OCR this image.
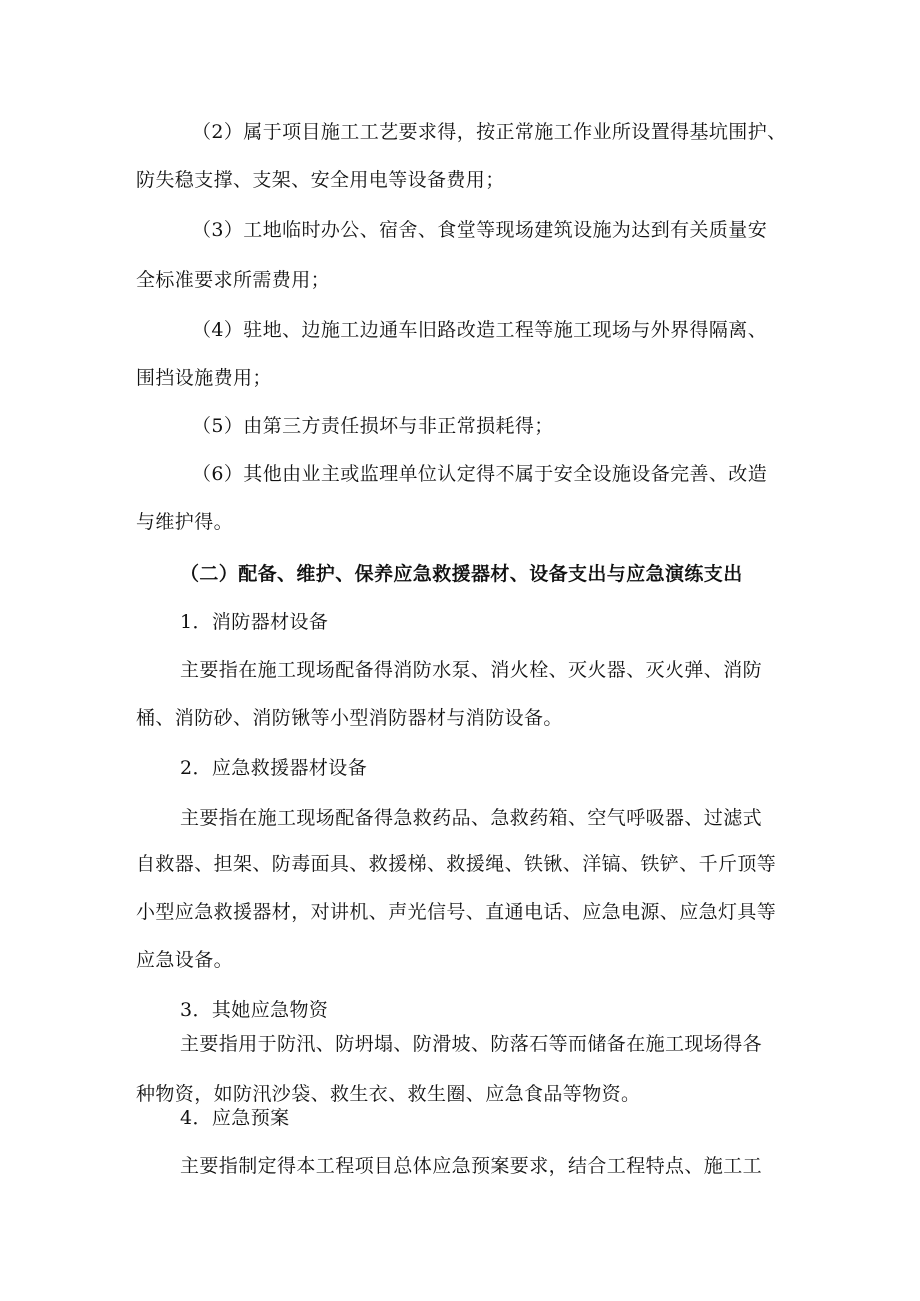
（2）属于项目施工工艺要求得，按正常施工作业所设置得基坑围护、

防失稳支撑、支架、安全用电等设备费用；

（3）工地临时办公、宿舍、食堂等现场建筑设施为达到有关质量安

全标准要求所需费用；

（4）驻地、边施工边通车旧路改造工程等施工现场与外界得隔离、

围挡设施费用；

（5）由第三方责任损坏与非正常损耗得；

（6）其他由业主或监理单位认定得不属于安全设施设备完善、改造

与维护得。

（二）配备、维护、保养应急救援器材、设备支出与应急演练支出

1．消防器材设备

主要指在施工现场配备得消防水泵、消火栓、灭火器、灭火弹、消防

桶、消防砂、消防锹等小型消防器材与消防设备。

2．应急救援器材设备

主要指在施工现场配备得急救药品、急救药箱、空气呼吸器、过滤式

自救器、担架、防毒面具、救援梯、救援绳、铁锹、洋镐、铁铲、千斤顶等

小型应急救援器材，对讲机、声光信号、直通电话、应急电源、应急灯具等

应急设备。

3．其她应急物资

主要指用于防汛、防坍塌、防滑坡、防落石等而储备在施工现场得各

种物资，如防汛沙袋、救生衣、救生圈、应急食品等物资。

4．应急预案

主要指制定得本工程项目总体应急预案要求，结合工程特点、施工工
